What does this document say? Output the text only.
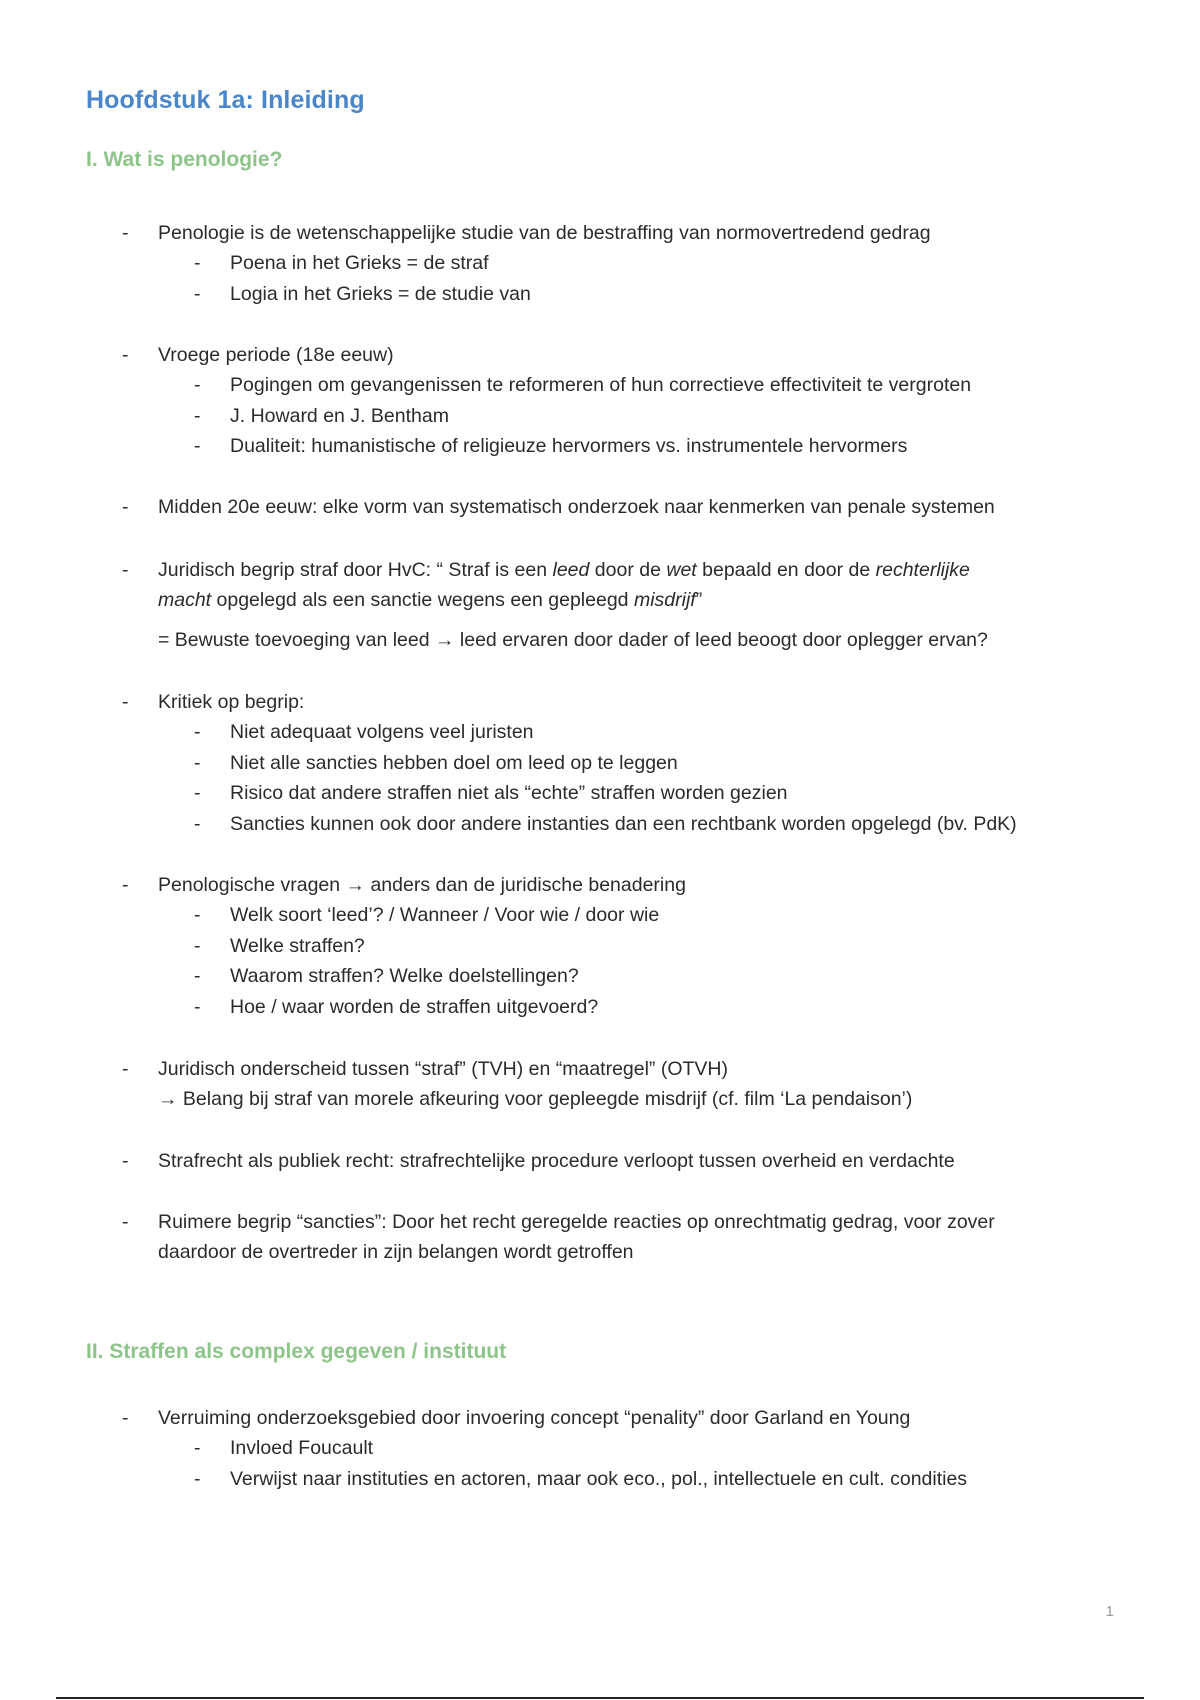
Hoofdstuk 1a: Inleiding
I. Wat is penologie?
-	Penologie is de wetenschappelijke studie van de bestraffing van normovertredend gedrag
- Poena in het Grieks = de straf
- Logia in het Grieks = de studie van
-	Vroege periode (18e eeuw)
- Pogingen om gevangenissen te reformeren of hun correctieve effectiviteit te vergroten
- J. Howard en J. Bentham
- Dualiteit: humanistische of religieuze hervormers vs. instrumentele hervormers
-	Midden 20e eeuw: elke vorm van systematisch onderzoek naar kenmerken van penale systemen
-	Juridisch begrip straf door HvC: “ Straf is een leed door de wet bepaald en door de rechterlijke
macht opgelegd als een sanctie wegens een gepleegd misdrijf”
= Bewuste toevoeging van leed → leed ervaren door dader of leed beoogt door oplegger ervan?
-	Kritiek op begrip:
- Niet adequaat volgens veel juristen
- Niet alle sancties hebben doel om leed op te leggen
- Risico dat andere straffen niet als “echte” straffen worden gezien
- Sancties kunnen ook door andere instanties dan een rechtbank worden opgelegd (bv. PdK)
-	Penologische vragen → anders dan de juridische benadering
- Welk soort ‘leed’? / Wanneer / Voor wie / door wie
- Welke straffen?
- Waarom straffen? Welke doelstellingen?
- Hoe / waar worden de straffen uitgevoerd?
-	Juridisch onderscheid tussen “straf” (TVH) en “maatregel” (OTVH)
→ Belang bij straf van morele afkeuring voor gepleegde misdrijf (cf. film ‘La pendaison’)
-	Strafrecht als publiek recht: strafrechtelijke procedure verloopt tussen overheid en verdachte
-	Ruimere begrip “sancties”: Door het recht geregelde reacties op onrechtmatig gedrag, voor zover
daardoor de overtreder in zijn belangen wordt getroffen
II. Straffen als complex gegeven / instituut
-	Verruiming onderzoeksgebied door invoering concept “penality” door Garland en Young
- Invloed Foucault
- Verwijst naar instituties en actoren, maar ook eco., pol., intellectuele en cult. condities
1
